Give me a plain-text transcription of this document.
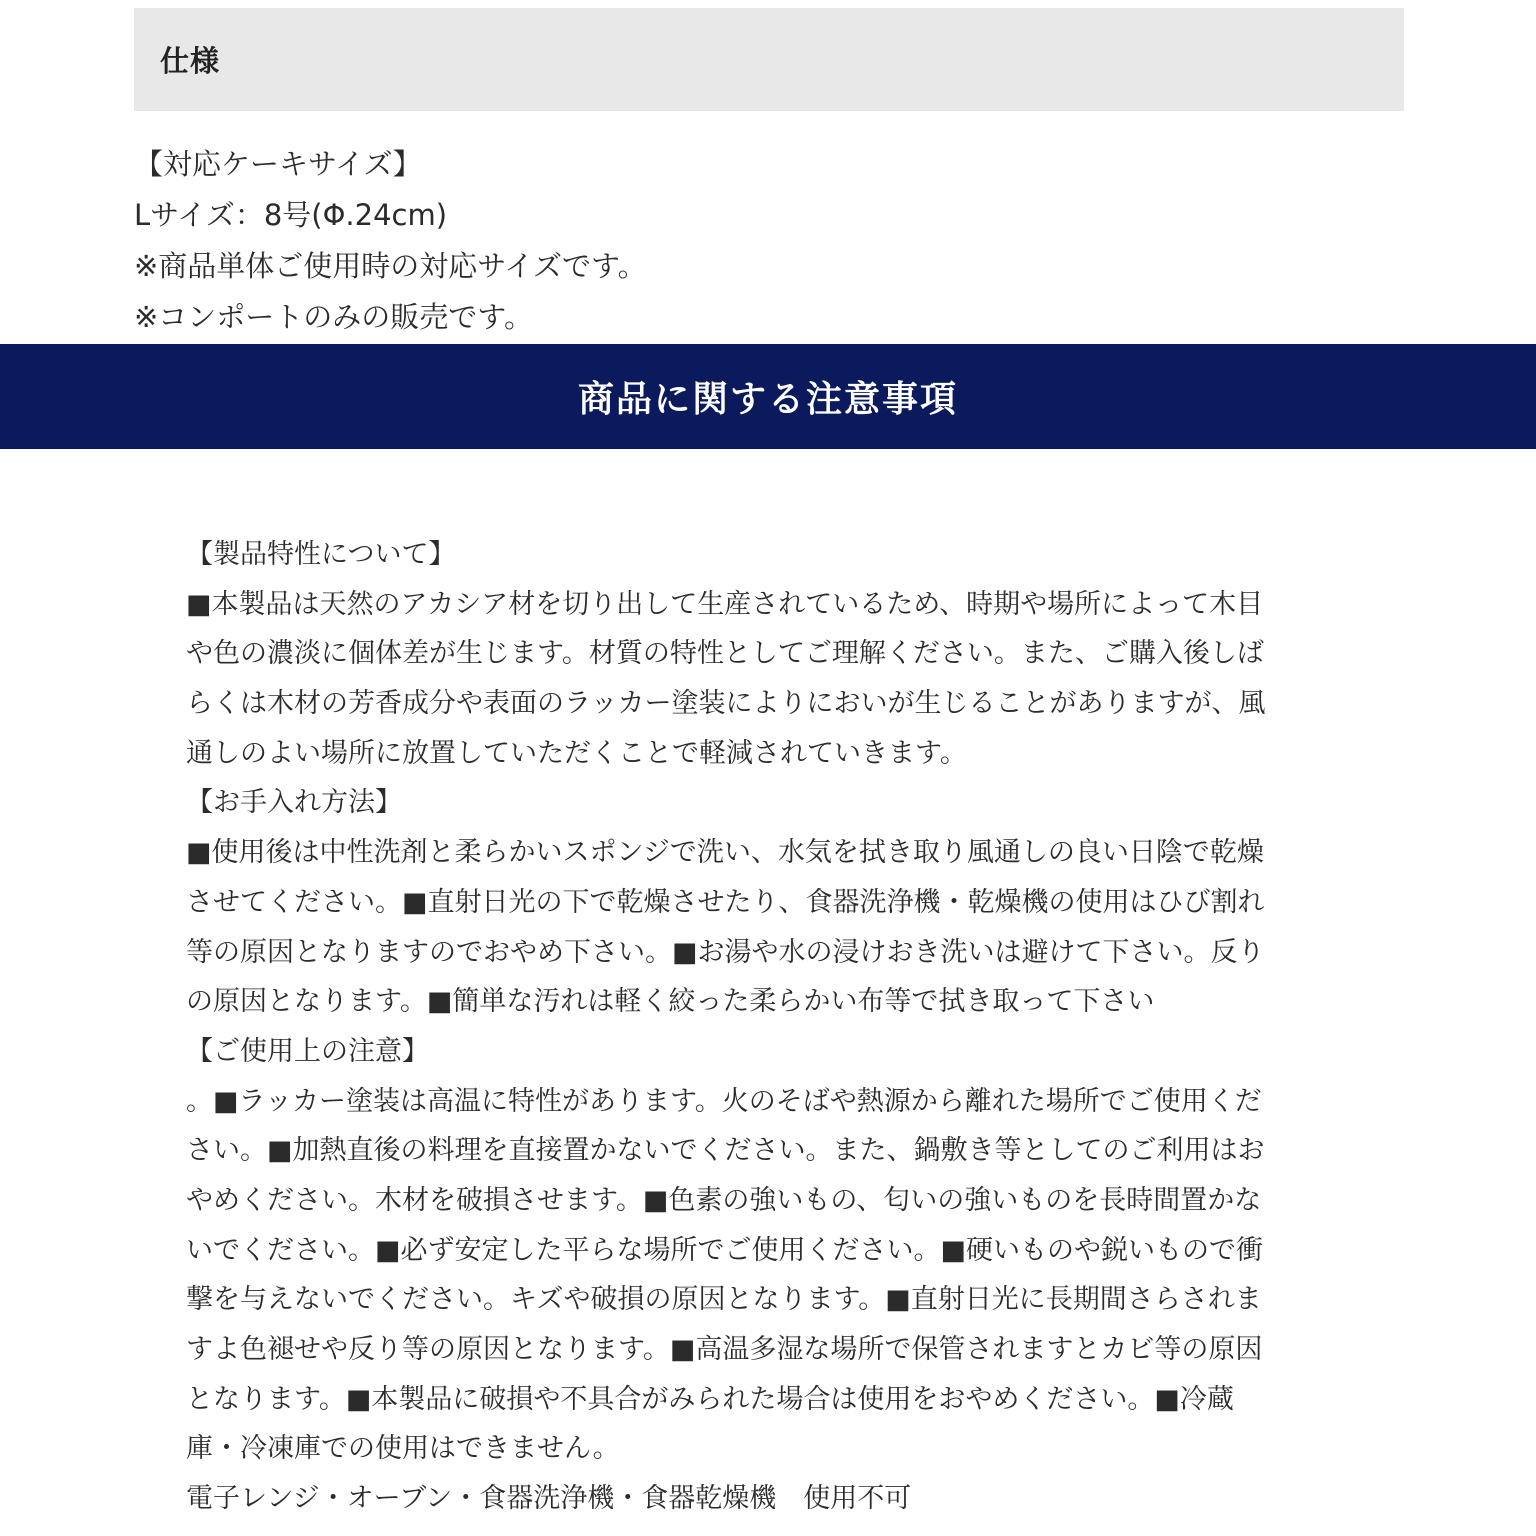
仕様
【対応ケーキサイズ】
Lサイズ：8号(Φ.24cm)
※商品単体ご使用時の対応サイズです。
※コンポートのみの販売です。
商品に関する注意事項
【製品特性について】
■本製品は天然のアカシア材を切り出して生産されているため、時期や場所によって木目
や色の濃淡に個体差が生じます。材質の特性としてご理解ください。また、ご購入後しば
らくは木材の芳香成分や表面のラッカー塗装によりにおいが生じることがありますが、風
通しのよい場所に放置していただくことで軽減されていきます。
【お手入れ方法】
■使用後は中性洗剤と柔らかいスポンジで洗い、水気を拭き取り風通しの良い日陰で乾燥
させてください。■直射日光の下で乾燥させたり、食器洗浄機・乾燥機の使用はひび割れ
等の原因となりますのでおやめ下さい。■お湯や水の浸けおき洗いは避けて下さい。反り
の原因となります。■簡単な汚れは軽く絞った柔らかい布等で拭き取って下さい
【ご使用上の注意】
。■ラッカー塗装は高温に特性があります。火のそばや熱源から離れた場所でご使用くだ
さい。■加熱直後の料理を直接置かないでください。また、鍋敷き等としてのご利用はお
やめください。木材を破損させます。■色素の強いもの、匂いの強いものを長時間置かな
いでください。■必ず安定した平らな場所でご使用ください。■硬いものや鋭いもので衝
撃を与えないでください。キズや破損の原因となります。■直射日光に長期間さらされま
すよ色褪せや反り等の原因となります。■高温多湿な場所で保管されますとカビ等の原因
となります。■本製品に破損や不具合がみられた場合は使用をおやめください。■冷蔵
庫・冷凍庫での使用はできません。
電子レンジ・オーブン・食器洗浄機・食器乾燥機　使用不可
